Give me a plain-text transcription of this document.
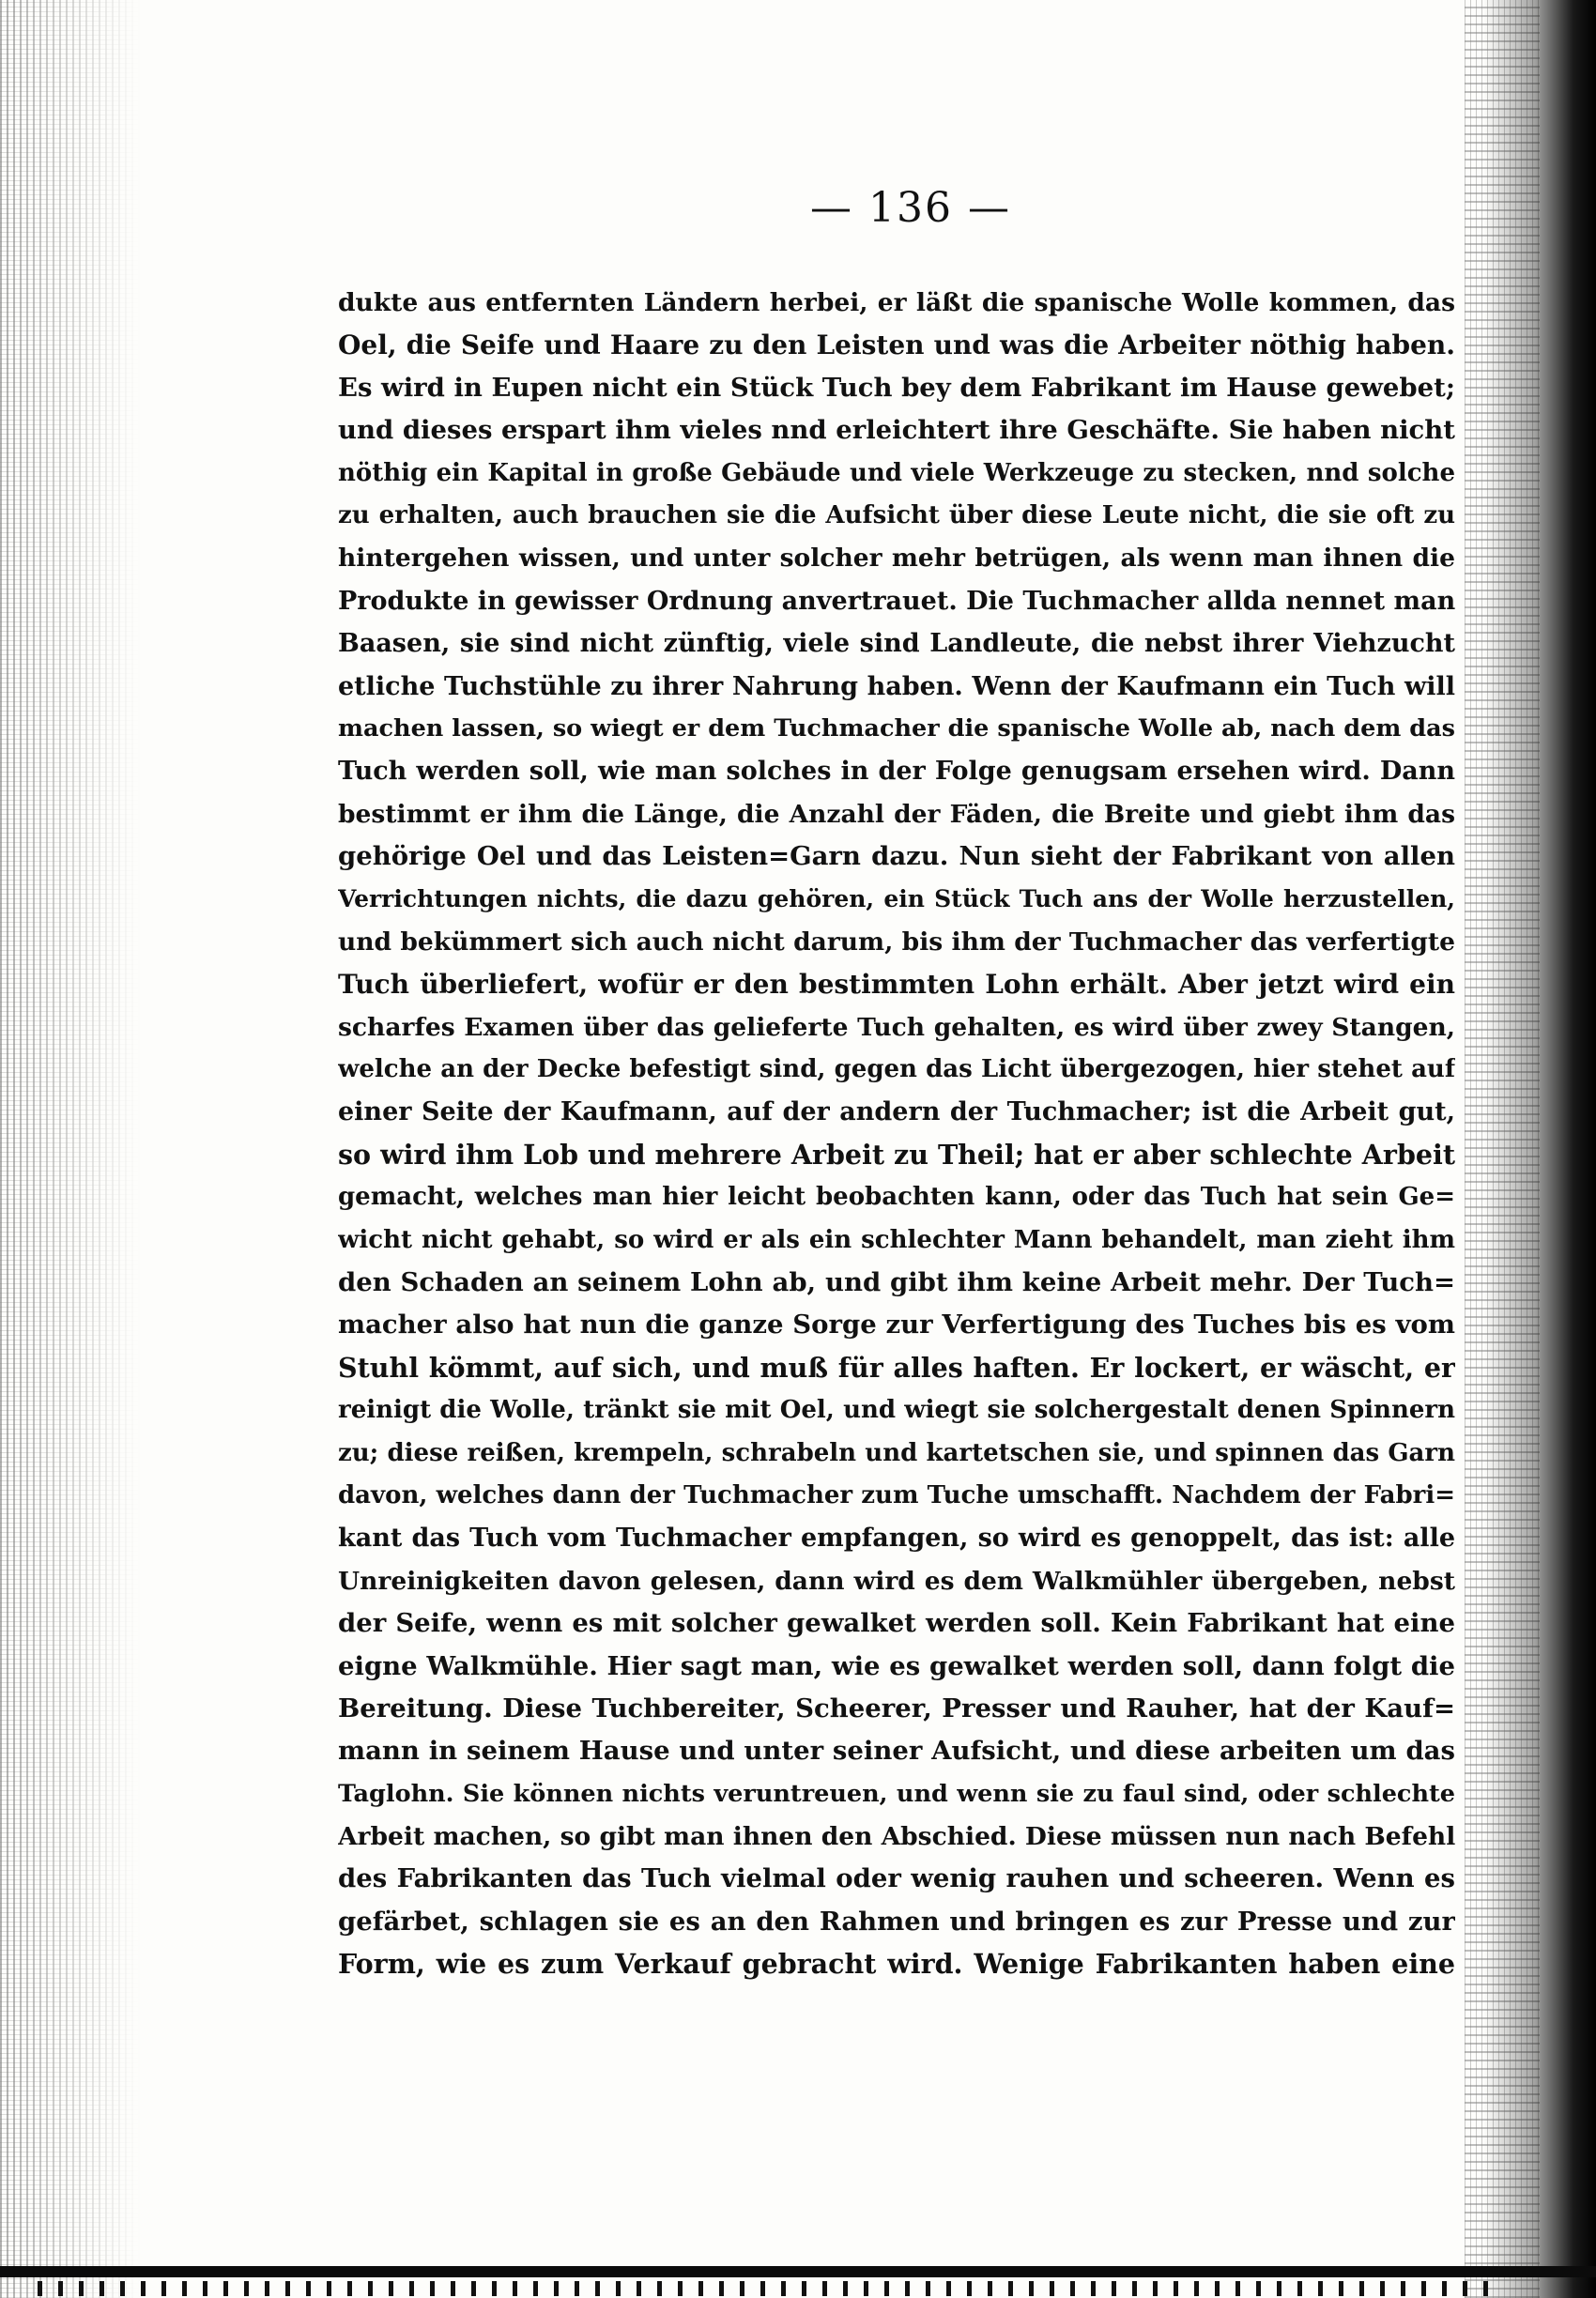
— 136 —
dukte aus entfernten Ländern herbei, er läßt die spanische Wolle kommen, das
Oel, die Seife und Haare zu den Leisten und was die Arbeiter nöthig haben.
Es wird in Eupen nicht ein Stück Tuch bey dem Fabrikant im Hause gewebet;
und dieses erspart ihm vieles nnd erleichtert ihre Geschäfte. Sie haben nicht
nöthig ein Kapital in große Gebäude und viele Werkzeuge zu stecken, nnd solche
zu erhalten, auch brauchen sie die Aufsicht über diese Leute nicht, die sie oft zu
hintergehen wissen, und unter solcher mehr betrügen, als wenn man ihnen die
Produkte in gewisser Ordnung anvertrauet. Die Tuchmacher allda nennet man
Baasen, sie sind nicht zünftig, viele sind Landleute, die nebst ihrer Viehzucht
etliche Tuchstühle zu ihrer Nahrung haben. Wenn der Kaufmann ein Tuch will
machen lassen, so wiegt er dem Tuchmacher die spanische Wolle ab, nach dem das
Tuch werden soll, wie man solches in der Folge genugsam ersehen wird. Dann
bestimmt er ihm die Länge, die Anzahl der Fäden, die Breite und giebt ihm das
gehörige Oel und das Leisten=Garn dazu. Nun sieht der Fabrikant von allen
Verrichtungen nichts, die dazu gehören, ein Stück Tuch ans der Wolle herzustellen,
und bekümmert sich auch nicht darum, bis ihm der Tuchmacher das verfertigte
Tuch überliefert, wofür er den bestimmten Lohn erhält. Aber jetzt wird ein
scharfes Examen über das gelieferte Tuch gehalten, es wird über zwey Stangen,
welche an der Decke befestigt sind, gegen das Licht übergezogen, hier stehet auf
einer Seite der Kaufmann, auf der andern der Tuchmacher; ist die Arbeit gut,
so wird ihm Lob und mehrere Arbeit zu Theil; hat er aber schlechte Arbeit
gemacht, welches man hier leicht beobachten kann, oder das Tuch hat sein Ge=
wicht nicht gehabt, so wird er als ein schlechter Mann behandelt, man zieht ihm
den Schaden an seinem Lohn ab, und gibt ihm keine Arbeit mehr. Der Tuch=
macher also hat nun die ganze Sorge zur Verfertigung des Tuches bis es vom
Stuhl kömmt, auf sich, und muß für alles haften. Er lockert, er wäscht, er
reinigt die Wolle, tränkt sie mit Oel, und wiegt sie solchergestalt denen Spinnern
zu; diese reißen, krempeln, schrabeln und kartetschen sie, und spinnen das Garn
davon, welches dann der Tuchmacher zum Tuche umschafft. Nachdem der Fabri=
kant das Tuch vom Tuchmacher empfangen, so wird es genoppelt, das ist: alle
Unreinigkeiten davon gelesen, dann wird es dem Walkmühler übergeben, nebst
der Seife, wenn es mit solcher gewalket werden soll. Kein Fabrikant hat eine
eigne Walkmühle. Hier sagt man, wie es gewalket werden soll, dann folgt die
Bereitung. Diese Tuchbereiter, Scheerer, Presser und Rauher, hat der Kauf=
mann in seinem Hause und unter seiner Aufsicht, und diese arbeiten um das
Taglohn. Sie können nichts veruntreuen, und wenn sie zu faul sind, oder schlechte
Arbeit machen, so gibt man ihnen den Abschied. Diese müssen nun nach Befehl
des Fabrikanten das Tuch vielmal oder wenig rauhen und scheeren. Wenn es
gefärbet, schlagen sie es an den Rahmen und bringen es zur Presse und zur
Form, wie es zum Verkauf gebracht wird. Wenige Fabrikanten haben eine
